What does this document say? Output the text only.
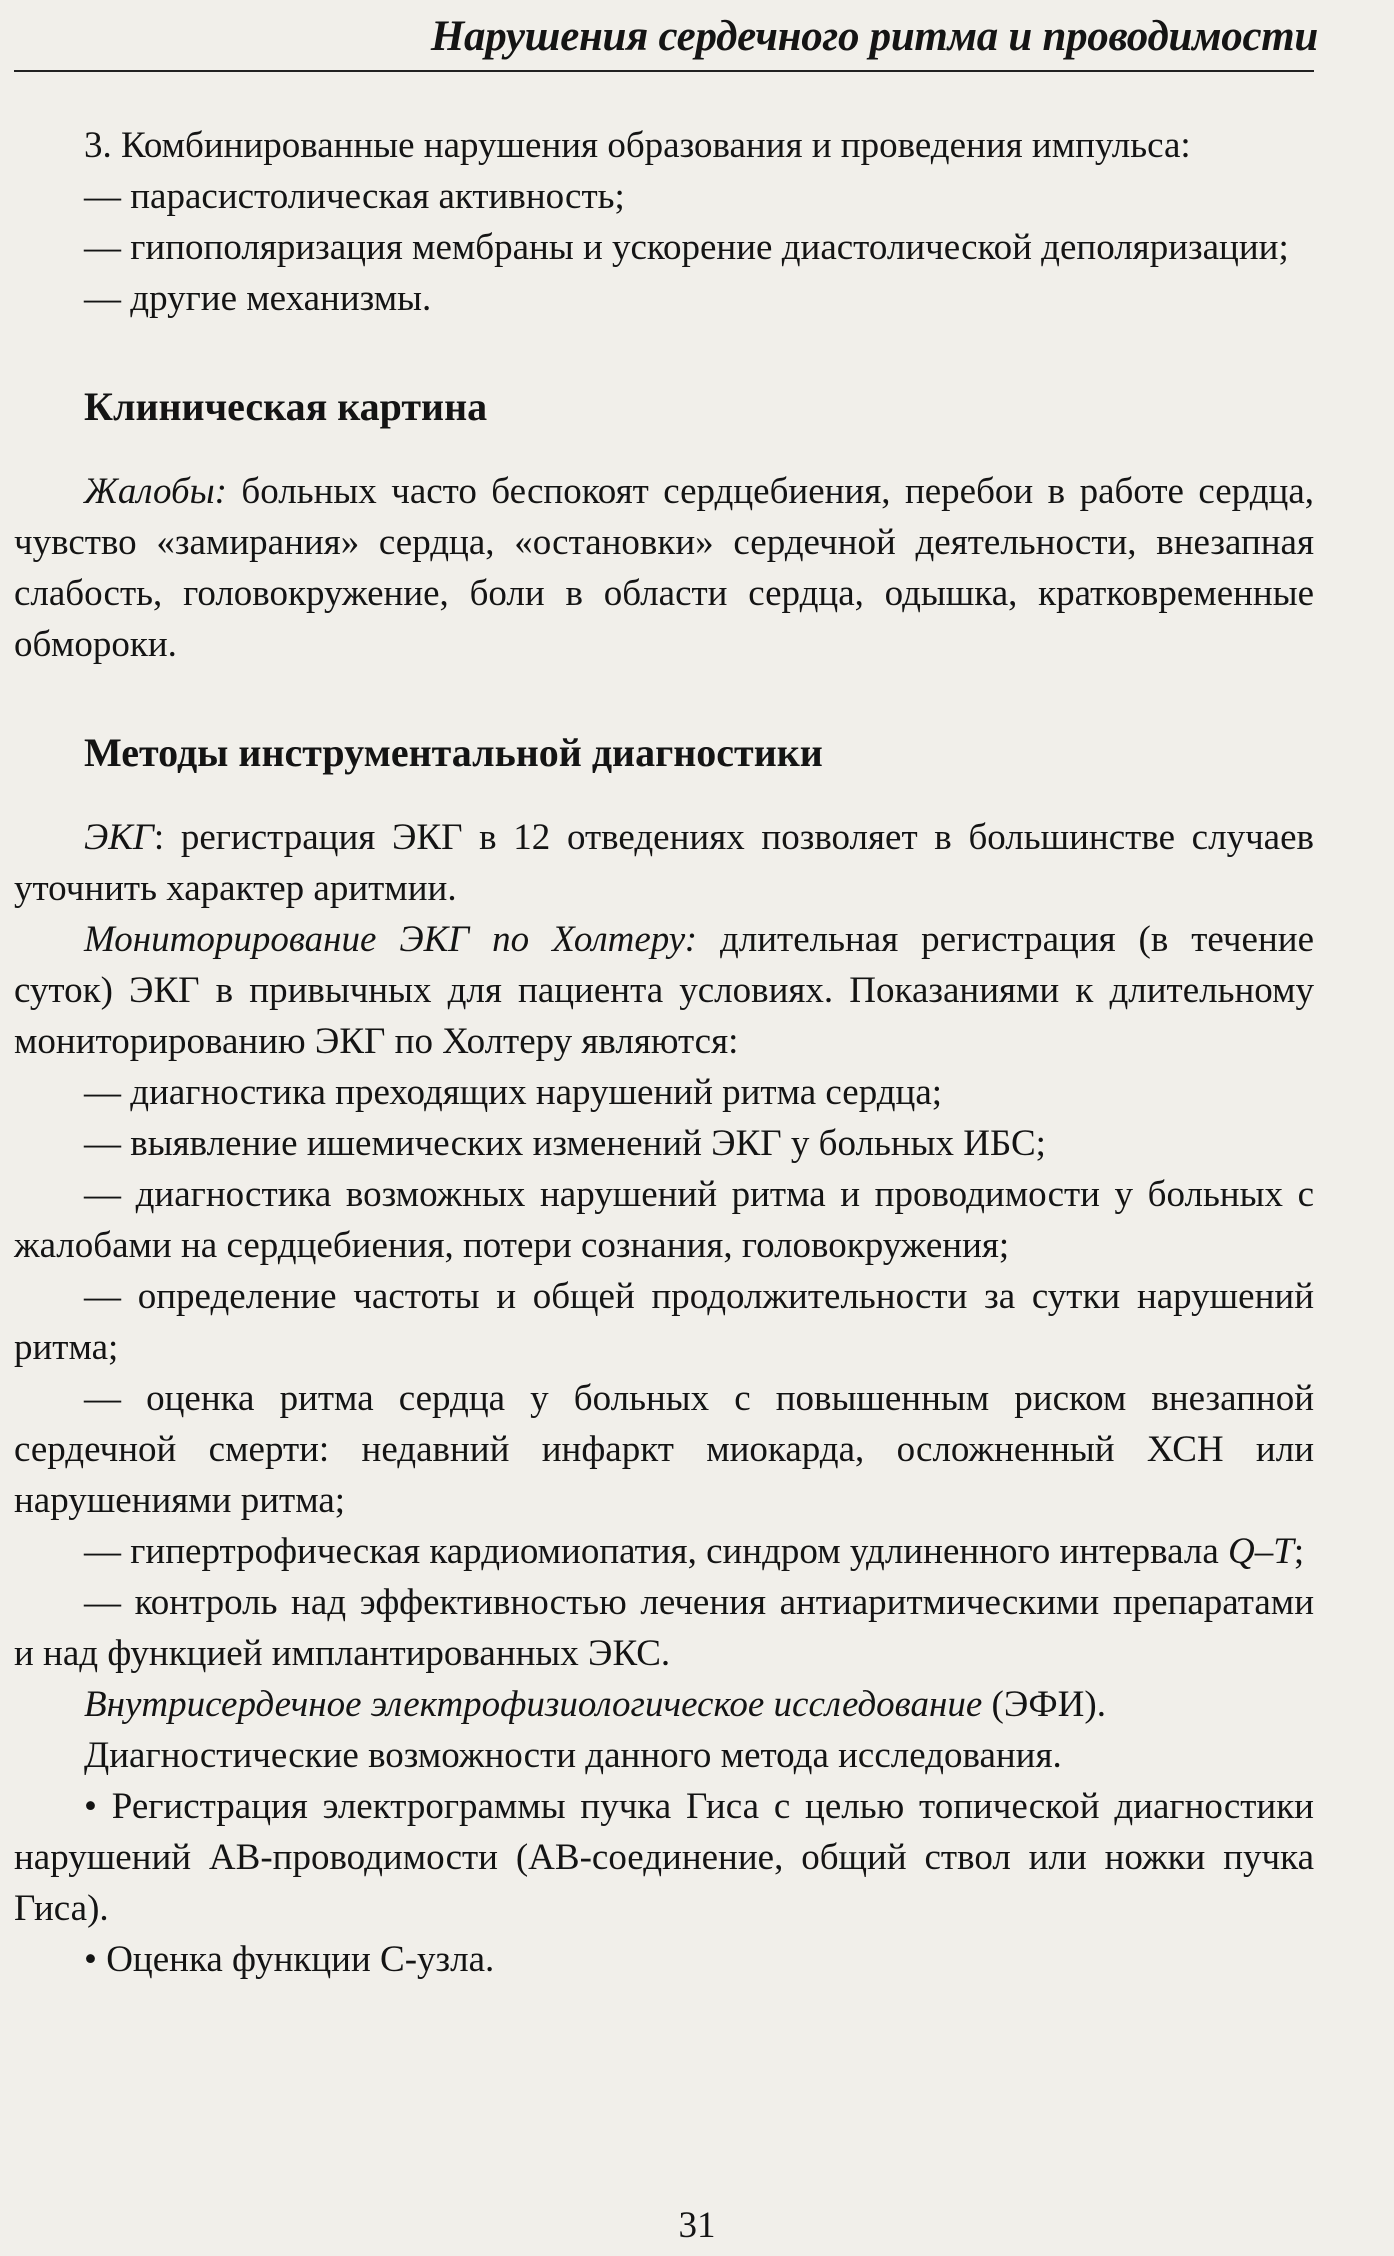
Нарушения сердечного ритма и проводимости

3. Комбинированные нарушения образования и проведения импульса:

— парасистолическая активность;

— гипополяризация мембраны и ускорение диастолической деполяризации;

— другие механизмы.

Клиническая картина

Жалобы: больных часто беспокоят сердцебиения, перебои в работе сердца, чувство «замирания» сердца, «остановки» сердечной деятельности, внезапная слабость, головокружение, боли в области сердца, одышка, кратковременные обмороки.

Методы инструментальной диагностики

ЭКГ: регистрация ЭКГ в 12 отведениях позволяет в большинстве случаев уточнить характер аритмии.

Мониторирование ЭКГ по Холтеру: длительная регистрация (в течение суток) ЭКГ в привычных для пациента условиях. Показаниями к длительному мониторированию ЭКГ по Холтеру являются:

— диагностика преходящих нарушений ритма сердца;

— выявление ишемических изменений ЭКГ у больных ИБС;

— диагностика возможных нарушений ритма и проводимости у больных с жалобами на сердцебиения, потери сознания, головокружения;

— определение частоты и общей продолжительности за сутки нарушений ритма;

— оценка ритма сердца у больных с повышенным риском внезапной сердечной смерти: недавний инфаркт миокарда, осложненный ХСН или нарушениями ритма;

— гипертрофическая кардиомиопатия, синдром удлиненного интервала Q–T;

— контроль над эффективностью лечения антиаритмическими препаратами и над функцией имплантированных ЭКС.

Внутрисердечное электрофизиологическое исследование (ЭФИ).

Диагностические возможности данного метода исследования.

• Регистрация электрограммы пучка Гиса с целью топической диагностики нарушений АВ-проводимости (АВ-соединение, общий ствол или ножки пучка Гиса).

• Оценка функции С-узла.

31
